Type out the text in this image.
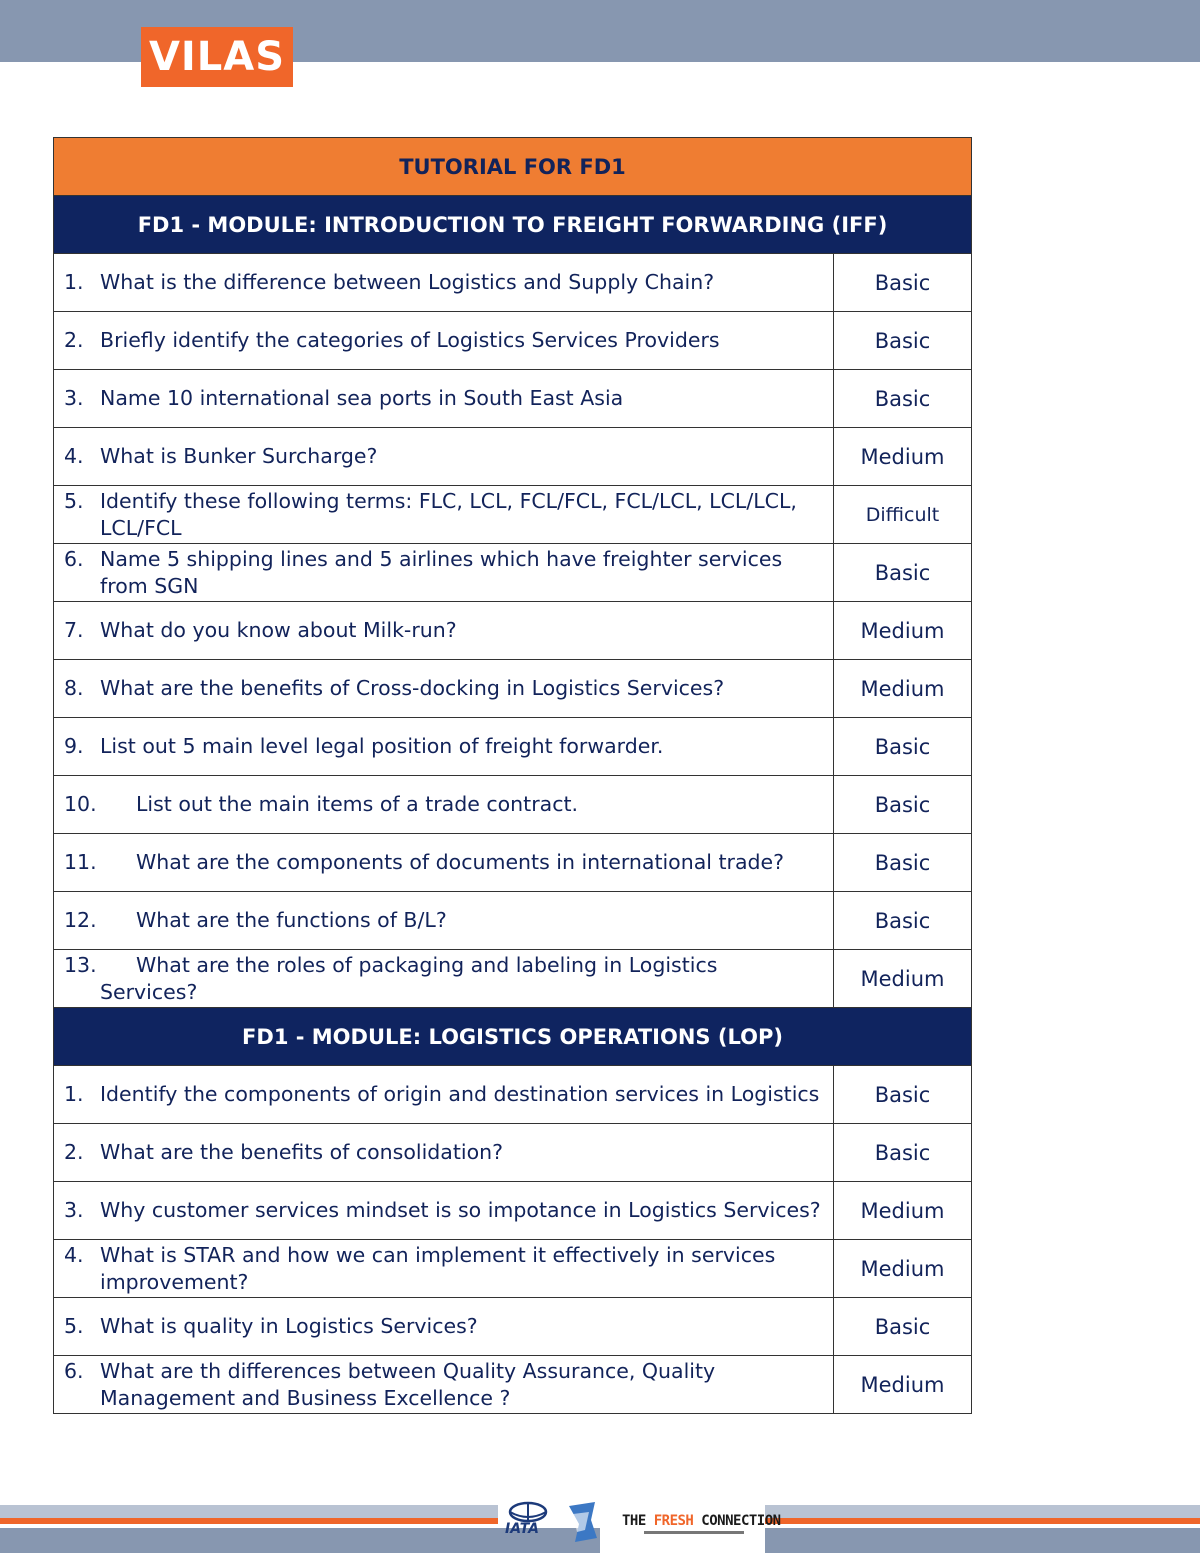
VILAS
TUTORIAL FOR FD1	
FD1 - MODULE: INTRODUCTION TO FREIGHT FORWARDING (IFF)	

1. What is the difference between Logistics and Supply Chain?	Basic

2. Briefly identify the categories of Logistics Services Providers	Basic

3. Name 10 international sea ports in South East Asia	Basic

4. What is Bunker Surcharge?	Medium

5. Identify these following terms: FLC, LCL, FCL/FCL, FCL/LCL, LCL/LCL, LCL/FCL	Difficult

6. Name 5 shipping lines and 5 airlines which have freighter services from SGN	Basic

7. What do you know about Milk-run?	Medium

8. What are the benefits of Cross-docking in Logistics Services?	Medium

9. List out 5 main level legal position of freight forwarder.	Basic

10. List out the main items of a trade contract.	Basic

11. What are the components of documents in international trade?	Basic

12. What are the functions of B/L?	Basic

13. What are the roles of packaging and labeling in Logistics Services?	Medium
FD1 - MODULE: LOGISTICS OPERATIONS (LOP)	

1. Identify the components of origin and destination services in Logistics	Basic

2. What are the benefits of consolidation?	Basic

3. Why customer services mindset is so impotance in Logistics Services?	Medium

4. What is STAR and how we can implement it effectively in services improvement?	Medium

5. What is quality in Logistics Services?	Basic

6. What are th differences between Quality Assurance, Quality Management and Business Excellence ?	Medium
IATA	THE FRESH CONNECTION
